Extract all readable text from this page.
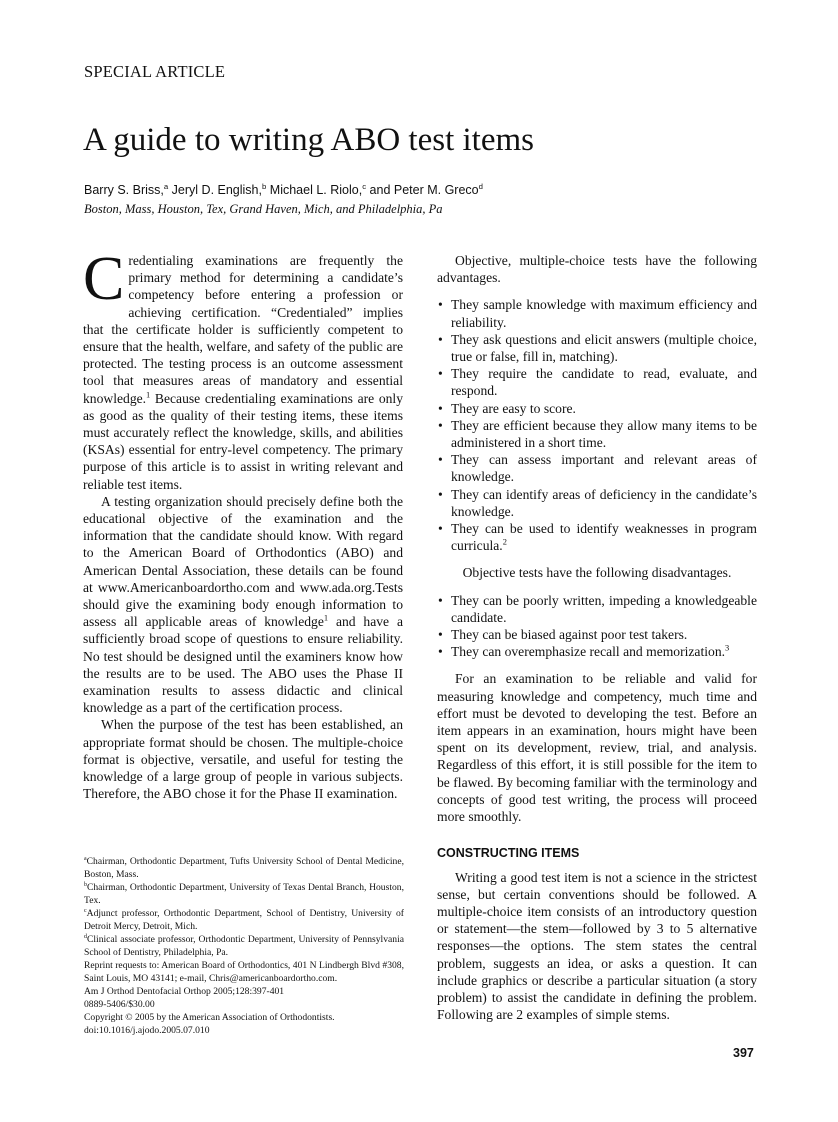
SPECIAL ARTICLE
A guide to writing ABO test items
Barry S. Briss,$^a$ Jeryl D. English,$^b$ Michael L. Riolo,$^c$ and Peter M. Greco$^d$
Boston, Mass, Houston, Tex, Grand Haven, Mich, and Philadelphia, Pa

Credentialing examinations are frequently the primary method for determining a candidate’s competency before entering a profession or achieving certification. “Credentialed” implies that the certificate holder is sufficiently competent to ensure that the health, welfare, and safety of the public are protected. The testing process is an outcome assessment tool that measures areas of mandatory and essential knowledge.$^1$ Because credentialing examinations are only as good as the quality of their testing items, these items must accurately reflect the knowledge, skills, and abilities (KSAs) essential for entry-level competency. The primary purpose of this article is to assist in writing relevant and reliable test items.

A testing organization should precisely define both the educational objective of the examination and the information that the candidate should know. With regard to the American Board of Orthodontics (ABO) and American Dental Association, these details can be found at www.Americanboardortho.com and www.ada.org.Tests should give the examining body enough information to assess all applicable areas of knowledge$^1$ and have a sufficiently broad scope of questions to ensure reliability. No test should be designed until the examiners know how the results are to be used. The ABO uses the Phase II examination results to assess didactic and clinical knowledge as a part of the certification process.

When the purpose of the test has been established, an appropriate format should be chosen. The multiple-choice format is objective, versatile, and useful for testing the knowledge of a large group of people in various subjects. Therefore, the ABO chose it for the Phase II examination.

$^a$Chairman, Orthodontic Department, Tufts University School of Dental Medicine, Boston, Mass.
$^b$Chairman, Orthodontic Department, University of Texas Dental Branch, Houston, Tex.
$^c$Adjunct professor, Orthodontic Department, School of Dentistry, University of Detroit Mercy, Detroit, Mich.
$^d$Clinical associate professor, Orthodontic Department, University of Pennsylvania School of Dentistry, Philadelphia, Pa.
Reprint requests to: American Board of Orthodontics, 401 N Lindbergh Blvd #308, Saint Louis, MO 43141; e-mail, Chris@americanboardortho.com.
Am J Orthod Dentofacial Orthop 2005;128:397-401
0889-5406/$30.00
Copyright © 2005 by the American Association of Orthodontists.
doi:10.1016/j.ajodo.2005.07.010

Objective, multiple-choice tests have the following advantages.

• They sample knowledge with maximum efficiency and reliability.
• They ask questions and elicit answers (multiple choice, true or false, fill in, matching).
• They require the candidate to read, evaluate, and respond.
• They are easy to score.
• They are efficient because they allow many items to be administered in a short time.
• They can assess important and relevant areas of knowledge.
• They can identify areas of deficiency in the candidate’s knowledge.
• They can be used to identify weaknesses in program curricula.$^2$

Objective tests have the following disadvantages.

• They can be poorly written, impeding a knowledgeable candidate.
• They can be biased against poor test takers.
• They can overemphasize recall and memorization.$^3$

For an examination to be reliable and valid for measuring knowledge and competency, much time and effort must be devoted to developing the test. Before an item appears in an examination, hours might have been spent on its development, review, trial, and analysis. Regardless of this effort, it is still possible for the item to be flawed. By becoming familiar with the terminology and concepts of good test writing, the process will proceed more smoothly.

CONSTRUCTING ITEMS

Writing a good test item is not a science in the strictest sense, but certain conventions should be followed. A multiple-choice item consists of an introductory question or statement—the stem—followed by 3 to 5 alternative responses—the options. The stem states the central problem, suggests an idea, or asks a question. It can include graphics or describe a particular situation (a story problem) to assist the candidate in defining the problem. Following are 2 examples of simple stems.

397
